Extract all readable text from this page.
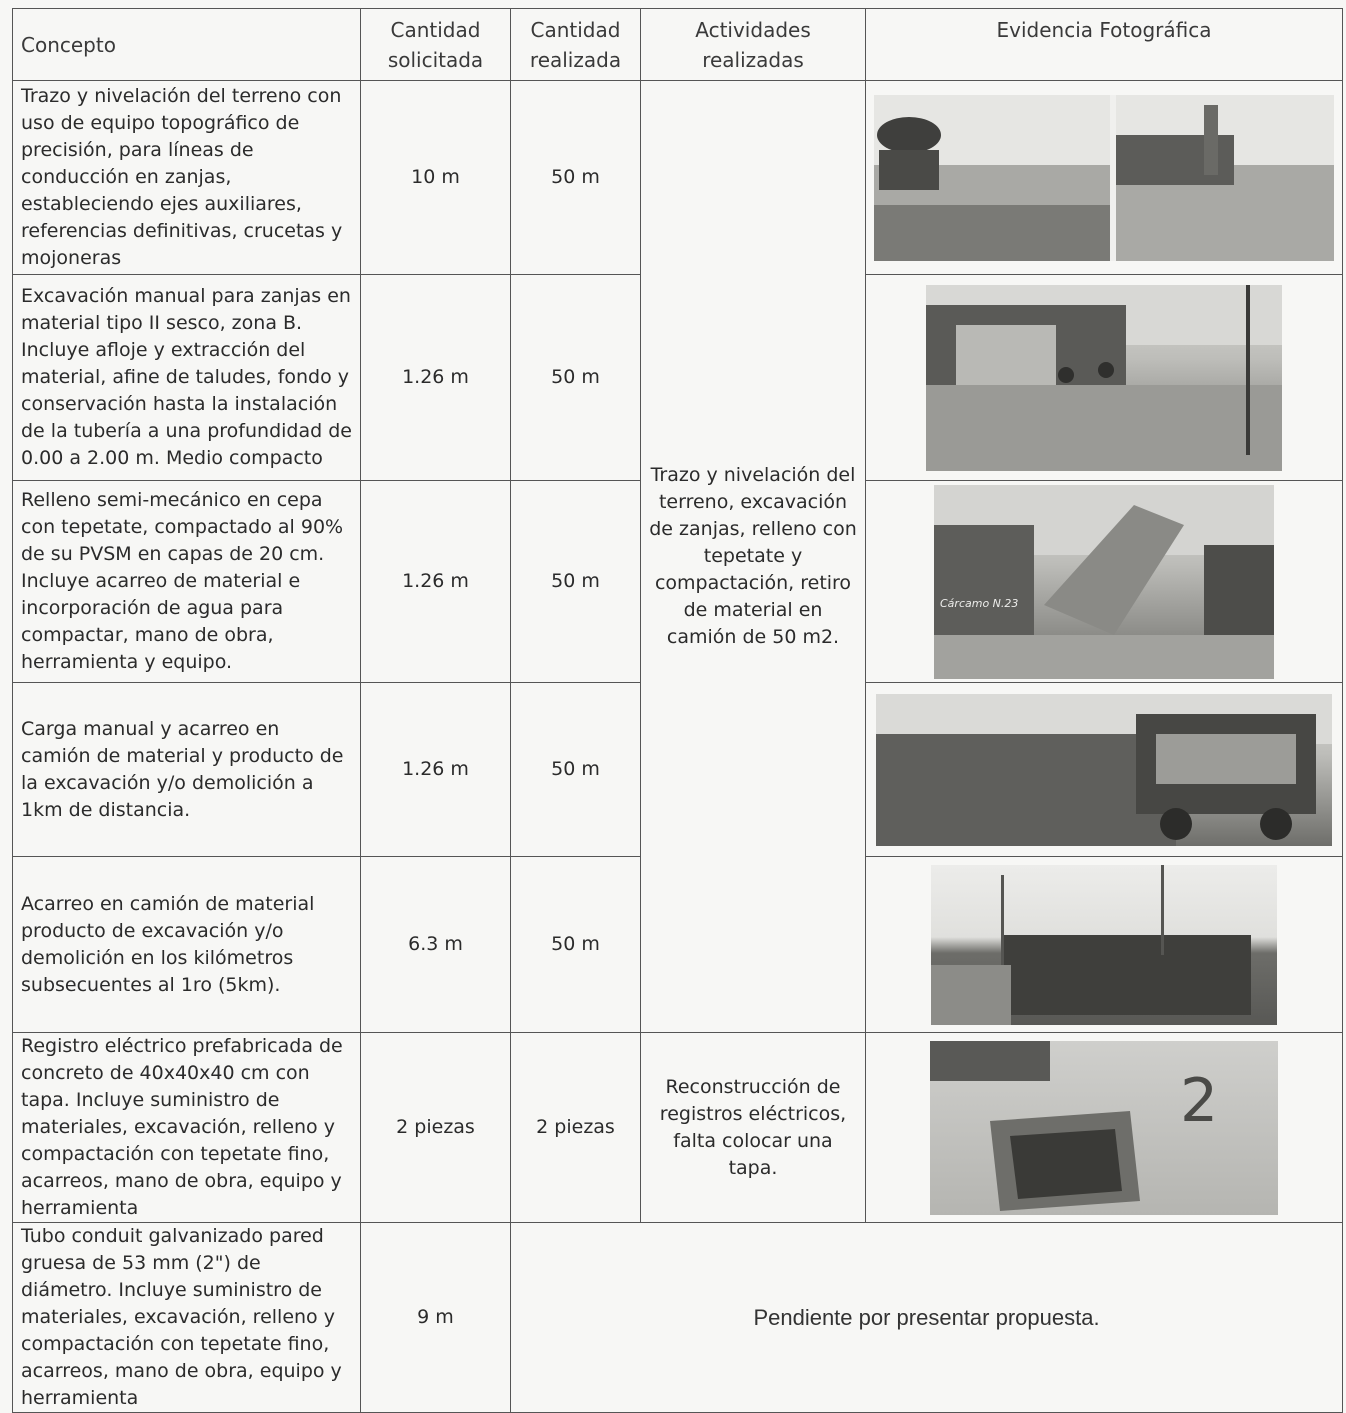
Concepto	Cantidad solicitada	Cantidad realizada	Actividades realizadas	Evidencia Fotográfica
Trazo y nivelación del terreno con uso de equipo topográfico de precisión, para líneas de conducción en zanjas, estableciendo ejes auxiliares, referencias definitivas, crucetas y mojoneras	10 m	50 m	Trazo y nivelación del terreno, excavación de zanjas, relleno con tepetate y compactación, retiro de material en camión de 50 m2.	

Excavación manual para zanjas en material tipo II sesco, zona B. Incluye afloje y extracción del material, afine de taludes, fondo y conservación hasta la instalación de la tubería a una profundidad de 0.00 a 2.00 m. Medio compacto	1.26 m	50 m	

Relleno semi-mecánico en cepa con tepetate, compactado al 90% de su PVSM en capas de 20 cm. Incluye acarreo de material e incorporación de agua para compactar, mano de obra, herramienta y equipo.	1.26 m	50 m		Cárcamo N.23

Carga manual y acarreo en camión de material y producto de la excavación y/o demolición a 1km de distancia.	1.26 m	50 m	

Acarreo en camión de material producto de excavación y/o demolición en los kilómetros subsecuentes al 1ro (5km).	6.3 m	50 m	

Registro eléctrico prefabricada de concreto de 40x40x40 cm con tapa. Incluye suministro de materiales, excavación, relleno y compactación con tepetate fino, acarreos, mano de obra, equipo y herramienta	2 piezas	2 piezas	Reconstrucción de registros eléctricos, falta colocar una tapa.	2

Tubo conduit galvanizado pared gruesa de 53 mm (2") de diámetro. Incluye suministro de materiales, excavación, relleno y compactación con tepetate fino, acarreos, mano de obra, equipo y herramienta	9 m	Pendiente por presentar propuesta.		
